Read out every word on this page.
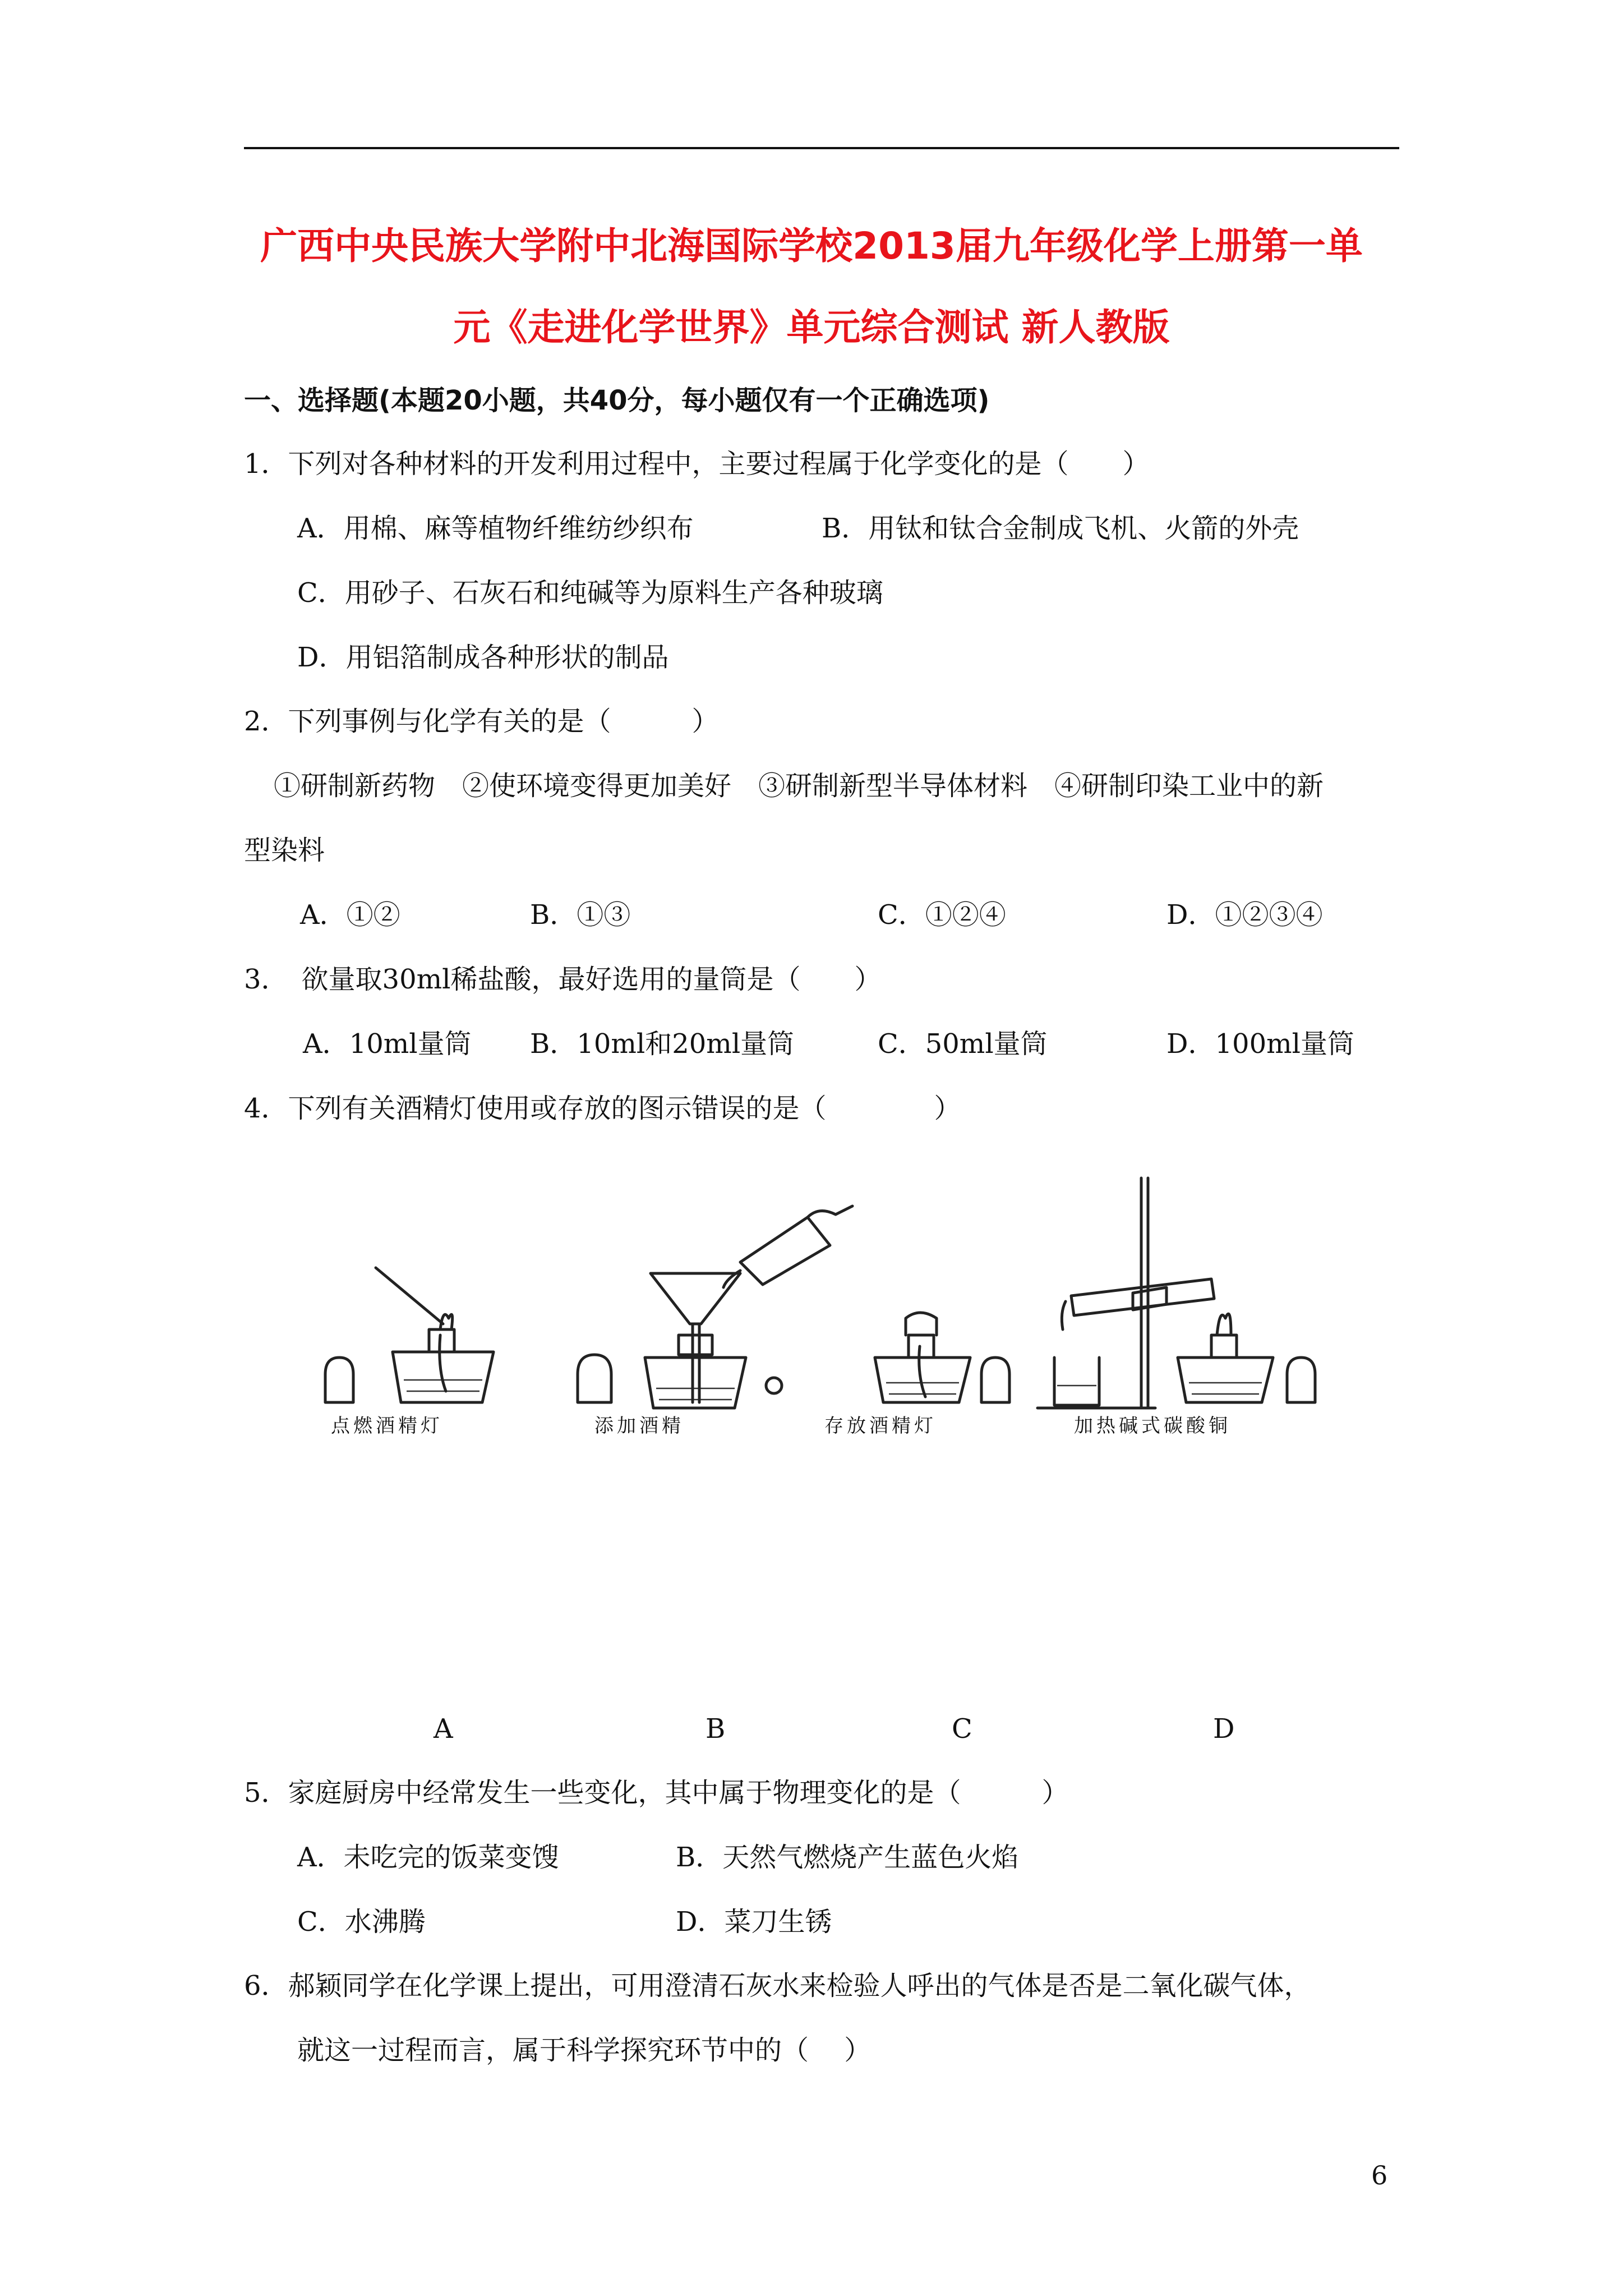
广西中央民族大学附中北海国际学校2013届九年级化学上册第一单
元《走进化学世界》单元综合测试 新人教版
一、选择题(本题20小题，共40分，每小题仅有一个正确选项)
1．下列对各种材料的开发利用过程中，主要过程属于化学变化的是（　　）
A．用棉、麻等植物纤维纺纱织布	B．用钛和钛合金制成飞机、火箭的外壳
C．用砂子、石灰石和纯碱等为原料生产各种玻璃
D．用铝箔制成各种形状的制品
2．下列事例与化学有关的是（　　　）
①研制新药物　②使环境变得更加美好　③研制新型半导体材料　④研制印染工业中的新
型染料
A．①②	B．①③	C．①②④	D．①②③④
3．　欲量取30ml稀盐酸，最好选用的量筒是（　　）
A．10ml量筒 B．10ml和20ml量筒	C．50ml量筒	D．100ml量筒
4．下列有关酒精灯使用或存放的图示错误的是（　　　　）
点燃酒精灯	添加酒精	存放酒精灯	加热碱式碳酸铜
A	B	C	D
5．家庭厨房中经常发生一些变化，其中属于物理变化的是（　　　）
A．未吃完的饭菜变馊	B．天然气燃烧产生蓝色火焰
C．水沸腾	D．菜刀生锈
6．郝颖同学在化学课上提出，可用澄清石灰水来检验人呼出的气体是否是二氧化碳气体，
就这一过程而言，属于科学探究环节中的（　 ）
6
